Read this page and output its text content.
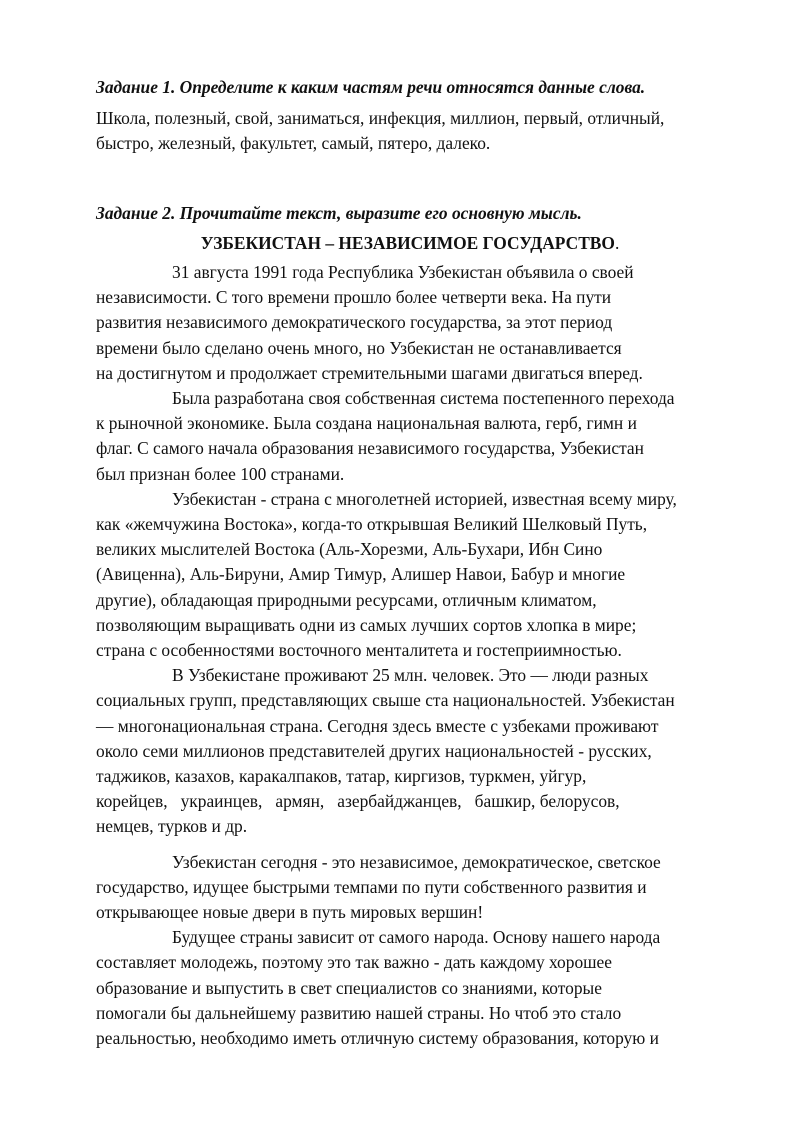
Задание 1. Определите к каким частям речи относятся данные слова.

Школа, полезный, свой, заниматься, инфекция, миллион, первый, отличный,
быстро, железный, факультет, самый, пятеро, далеко.

Задание 2. Прочитайте текст, выразите его основную мысль.

УЗБЕКИСТАН – НЕЗАВИСИМОЕ ГОСУДАРСТВО.
31 августа 1991 года Республика Узбекистан объявила о своей
независимости. С того времени прошло более четверти века. На пути
развития независимого демократического государства, за этот период
времени было сделано очень много, но Узбекистан не останавливается
на достигнутом и продолжает стремительными шагами двигаться вперед.
Была разработана своя собственная система постепенного перехода
к рыночной экономике. Была создана национальная валюта, герб, гимн и
флаг. С самого начала образования независимого государства, Узбекистан
был признан более 100 странами.
Узбекистан - страна с многолетней историей, известная всему миру,
как «жемчужина Востока», когда-то открывшая Великий Шелковый Путь,
великих мыслителей Востока (Аль-Хорезми, Аль-Бухари, Ибн Сино
(Авиценна), Аль-Бируни, Амир Тимур, Алишер Навои, Бабур и многие
другие), обладающая природными ресурсами, отличным климатом,
позволяющим выращивать одни из самых лучших сортов хлопка в мире;
страна с особенностями восточного менталитета и гостеприимностью.
В Узбекистане проживают 25 млн. человек. Это — люди разных
социальных групп, представляющих свыше ста национальностей. Узбекистан
— многонациональная страна. Сегодня здесь вместе с узбеками проживают
около семи миллионов представителей других национальностей - русских,
таджиков, казахов, каракалпаков, татар, киргизов, туркмен, уйгур,
корейцев,   украинцев,   армян,   азербайджанцев,   башкир, белорусов,
немцев, турков и др.
Узбекистан сегодня - это независимое, демократическое, светское
государство, идущее быстрыми темпами по пути собственного развития и
открывающее новые двери в путь мировых вершин!
Будущее страны зависит от самого народа. Основу нашего народа
составляет молодежь, поэтому это так важно - дать каждому хорошее
образование и выпустить в свет специалистов со знаниями, которые
помогали бы дальнейшему развитию нашей страны. Но чтоб это стало
реальностью, необходимо иметь отличную систему образования, которую и
